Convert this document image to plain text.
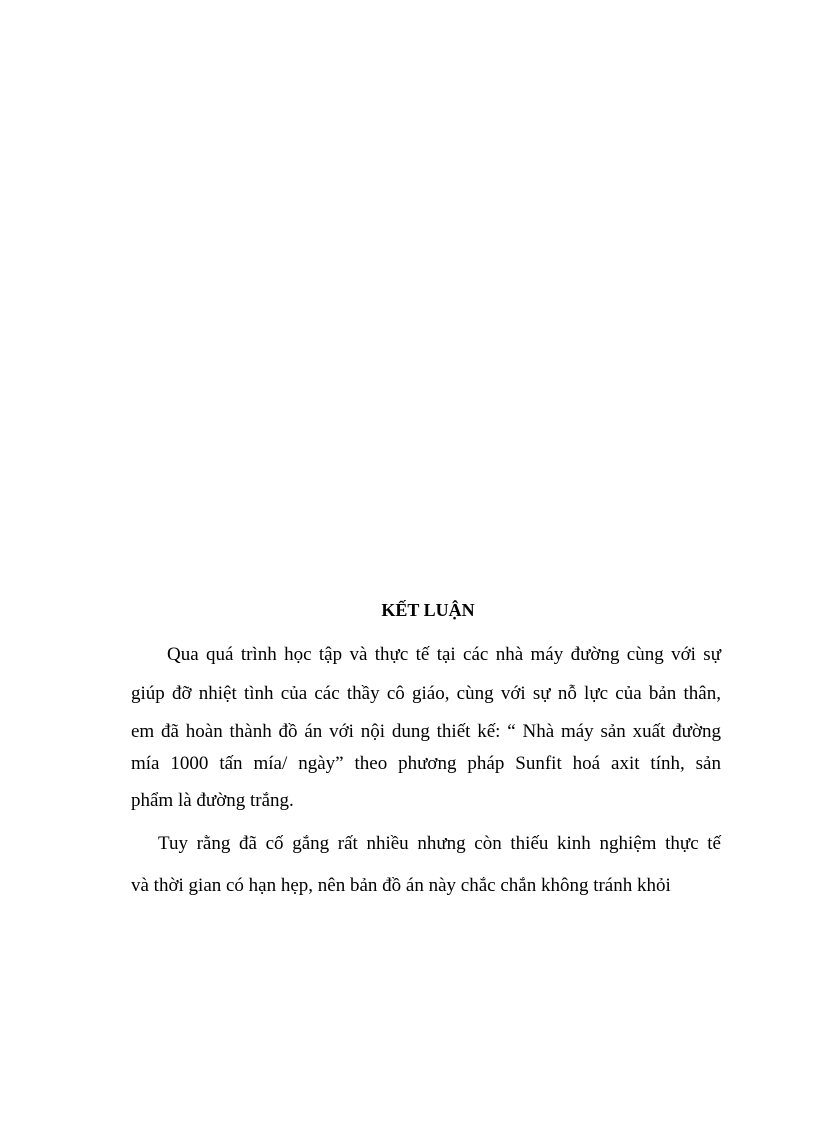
KẾT LUẬN
Qua quá trình học tập và thực tế tại các nhà máy đường cùng với sự
giúp đỡ nhiệt tình của các thầy cô giáo, cùng với sự nỗ lực của bản thân,
em đã hoàn thành đồ án với nội dung thiết kế: “ Nhà máy sản xuất đường
mía 1000 tấn mía/ ngày” theo phương pháp Sunfit hoá axit tính, sản
phẩm là đường trắng.
Tuy rằng đã cố gắng rất nhiều nhưng còn thiếu kinh nghiệm thực tế
và thời gian có hạn hẹp, nên bản đồ án này chắc chắn không tránh khỏi
